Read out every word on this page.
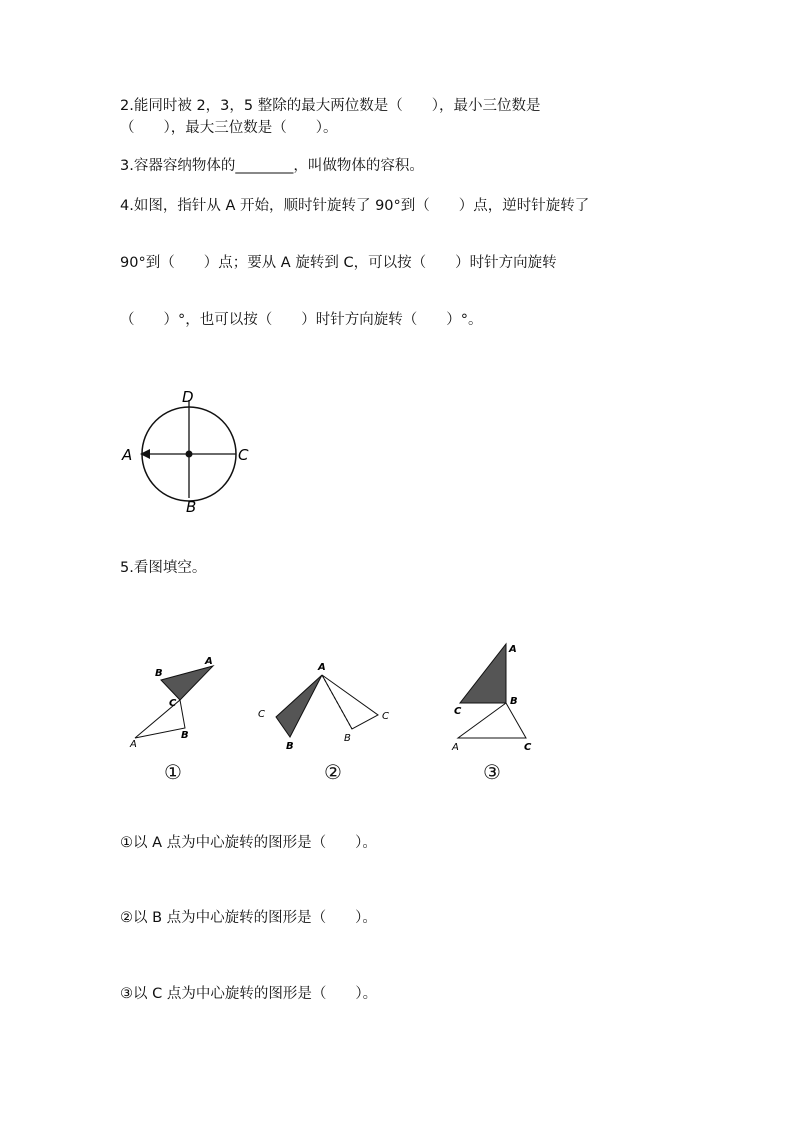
2.能同时被 2，3，5 整除的最大两位数是（　　），最小三位数是
（　　），最大三位数是（　　）。
3.容器容纳物体的________，叫做物体的容积。
4.如图，指针从 A 开始，顺时针旋转了 90°到（　　）点，逆时针旋转了
90°到（　　）点；要从 A 旋转到 C，可以按（　　）时针方向旋转
（　　）°，也可以按（　　）时针方向旋转（　　）°。
D
A	C
B
5.看图填空。
B
A
C
A
B
①
A
C
B
B
C
②
A
C
B
A	C
③
①以 A 点为中心旋转的图形是（　　）。
②以 B 点为中心旋转的图形是（　　）。
③以 C 点为中心旋转的图形是（　　）。
